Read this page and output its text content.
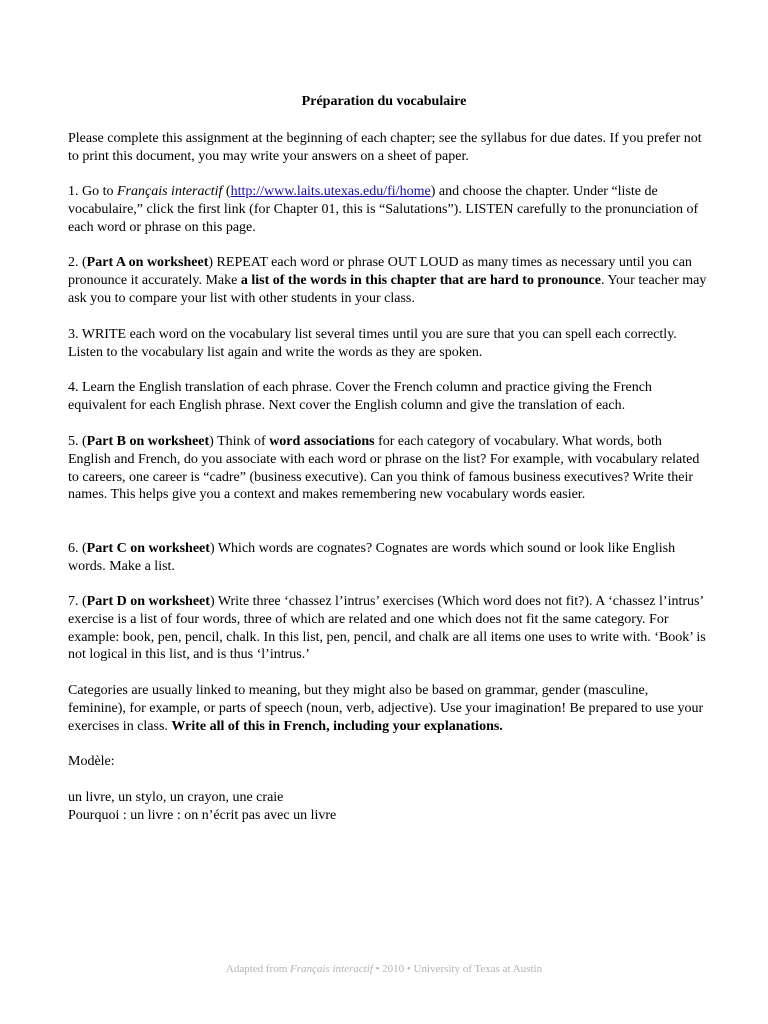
Préparation du vocabulaire

Please complete this assignment at the beginning of each chapter; see the syllabus for due dates. If you prefer not to print this document, you may write your answers on a sheet of paper.

1. Go to Français interactif (http://www.laits.utexas.edu/fi/home) and choose the chapter. Under “liste de vocabulaire,” click the first link (for Chapter 01, this is “Salutations”). LISTEN carefully to the pronunciation of each word or phrase on this page.

2. (Part A on worksheet) REPEAT each word or phrase OUT LOUD as many times as necessary until you can pronounce it accurately. Make a list of the words in this chapter that are hard to pronounce. Your teacher may ask you to compare your list with other students in your class.

3. WRITE each word on the vocabulary list several times until you are sure that you can spell each correctly. Listen to the vocabulary list again and write the words as they are spoken.

4. Learn the English translation of each phrase. Cover the French column and practice giving the French equivalent for each English phrase. Next cover the English column and give the translation of each.

5. (Part B on worksheet) Think of word associations for each category of vocabulary. What words, both English and French, do you associate with each word or phrase on the list? For example, with vocabulary related to careers, one career is “cadre” (business executive). Can you think of famous business executives? Write their names. This helps give you a context and makes remembering new vocabulary words easier.

6. (Part C on worksheet) Which words are cognates? Cognates are words which sound or look like English words. Make a list.

7. (Part D on worksheet) Write three ‘chassez l’intrus’ exercises (Which word does not fit?). A ‘chassez l’intrus’ exercise is a list of four words, three of which are related and one which does not fit the same category. For example: book, pen, pencil, chalk. In this list, pen, pencil, and chalk are all items one uses to write with. ‘Book’ is not logical in this list, and is thus ‘l’intrus.’

Categories are usually linked to meaning, but they might also be based on grammar, gender (masculine, feminine), for example, or parts of speech (noun, verb, adjective). Use your imagination! Be prepared to use your exercises in class. Write all of this in French, including your explanations.

Modèle:

un livre, un stylo, un crayon, une craie

Pourquoi : un livre : on n’écrit pas avec un livre

Adapted from Français interactif • 2010 • University of Texas at Austin
